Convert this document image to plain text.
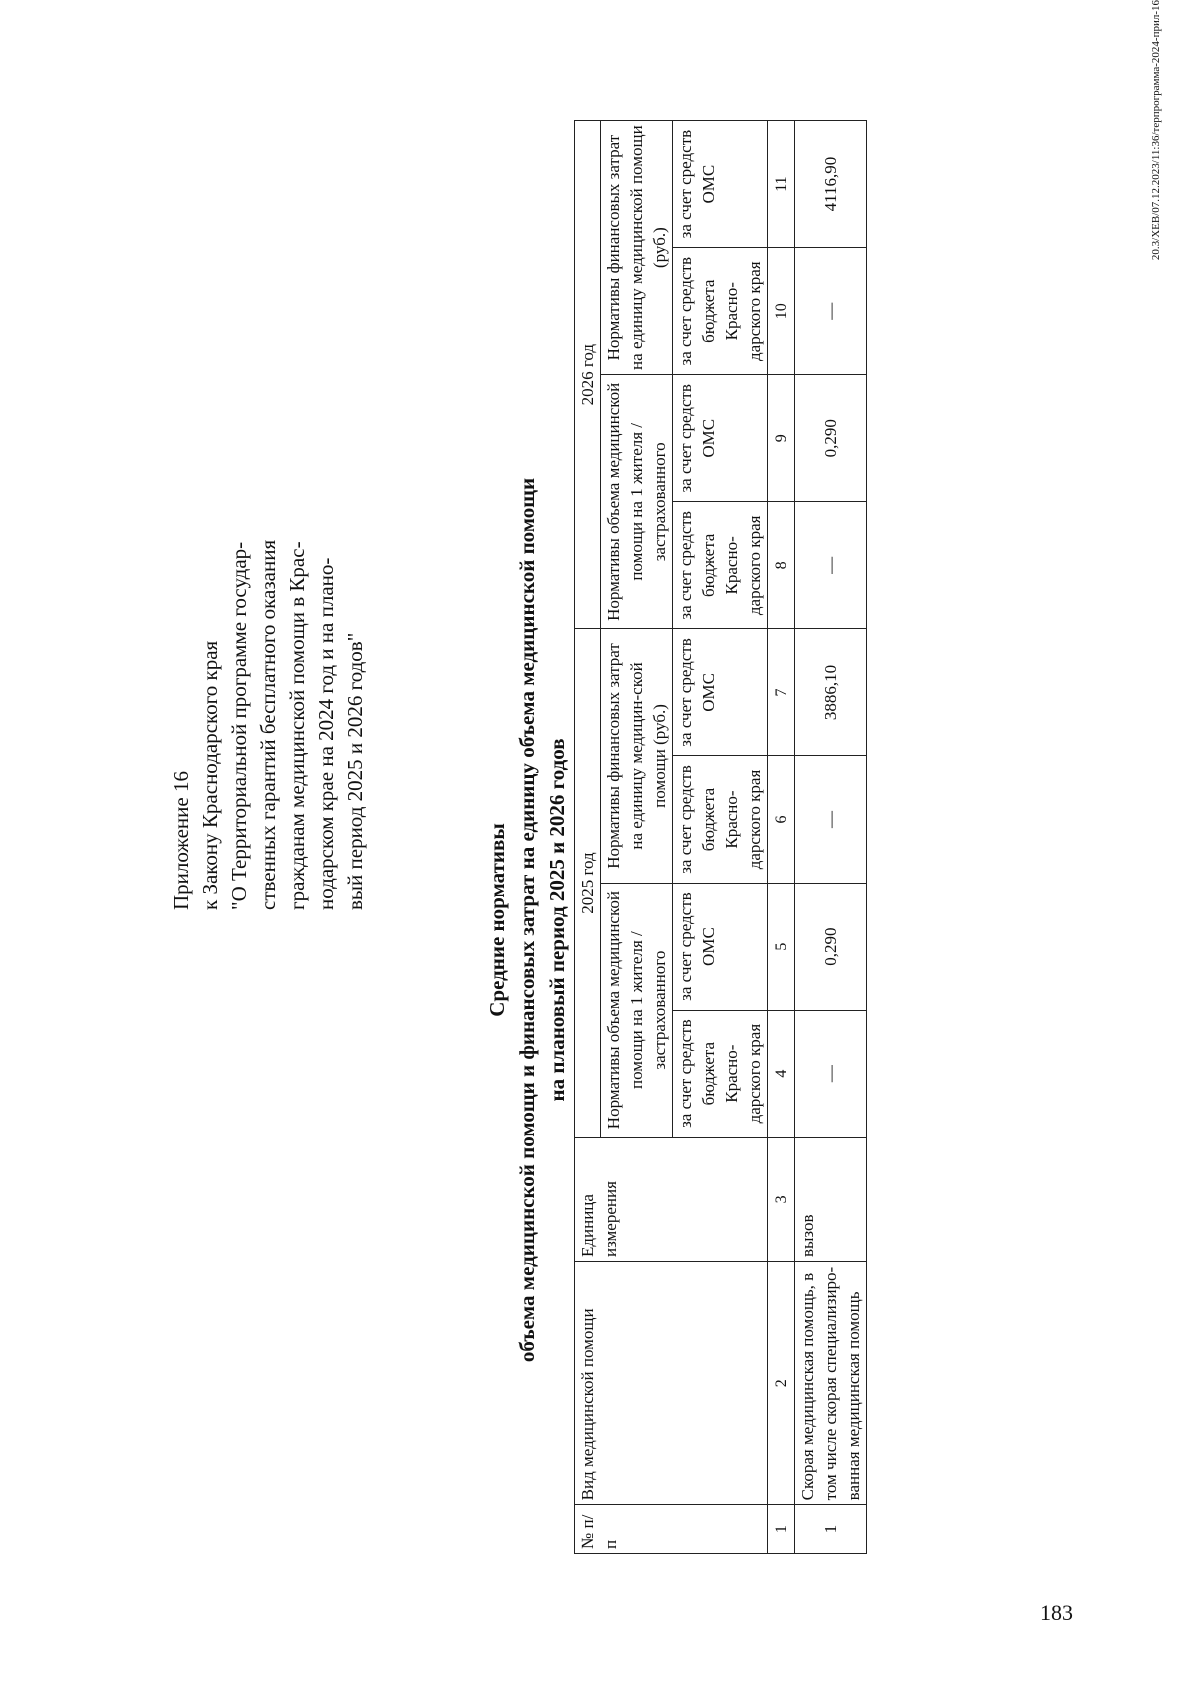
Приложение 16 к Закону Краснодарского края "О Территориальной программе государ- ственных гарантий бесплатного оказания гражданам медицинской помощи в Крас- нодарском крае на 2024 год и на плано- вый период 2025 и 2026 годов"
Средние нормативы объема медицинской помощи и финансовых затрат на единицу объема медицинской помощи на плановый период 2025 и 2026 годов
№ п/п	Вид медицинской помощи	Единица измерения	2025 год				2026 год			
			Нормативы объема медицинской помощи на 1 жителя / застрахованного		Нормативы финансовых затрат на единицу медицин-ской помощи (руб.)		Нормативы объема медицинской помощи на 1 жителя / застрахованного		Нормативы финансовых затрат на единицу медицинской помощи (руб.)	
			за счет средств бюджета Красно-дарского края	за счет средств ОМС	за счет средств бюджета Красно-дарского края	за счет средств ОМС	за счет средств бюджета Красно-дарского края	за счет средств ОМС	за счет средств бюджета Красно-дарского края	за счет средств ОМС
1	2	3	4	5	6	7	8	9	10	11
1	Скорая медицинская помощь, в том числе скорая специализиро-ванная медицинская помощь	вызов	—	0,290	—	3886,10	—	0,290	—	4116,90	20.3/XEB/07.12.2023/11:36/терпрограмма-2024-прил-16
183
